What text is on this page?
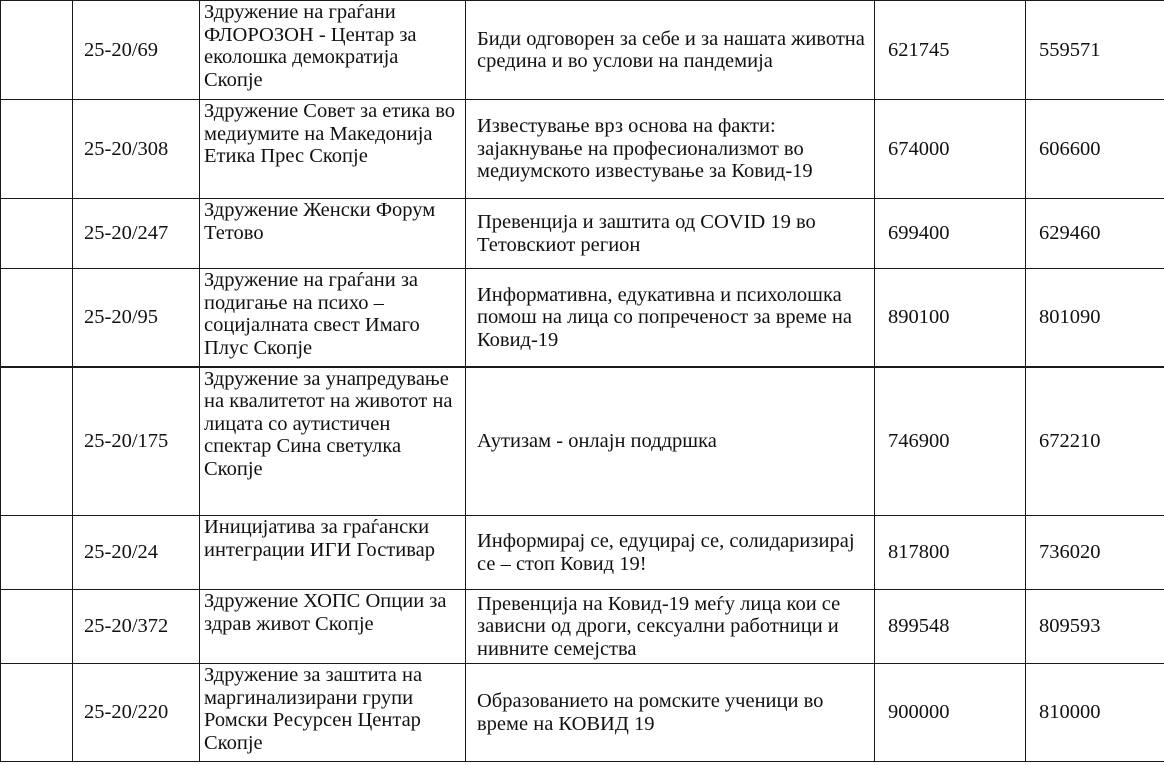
	25-20/69	Здружение на граѓани ФЛОРОЗОН - Центар за еколошка демократија Скопје	Биди одговорен за себе и за нашата животна средина и во услови на пандемија	621745	559571
	25-20/308	Здружение Совет за етика во медиумите на Македонија Етика Прес Скопје	Известување врз основа на факти: зајакнување на професионализмот во медиумското известување за Ковид-19	674000	606600
	25-20/247	Здружение Женски Форум Тетово	Превенција и заштита од COVID 19 во Тетовскиот регион	699400	629460
	25-20/95	Здружение на граѓани за подигање на психо – социјалната свест Имаго Плус Скопје	Информативна, едукативна и психолошка помош на лица со попреченост за време на Ковид-19	890100	801090
	25-20/175	Здружение за унапредување на квалитетот на животот на лицата со аутистичен спектар Сина светулка Скопје	Аутизам - онлајн поддршка	746900	672210
	25-20/24	Иницијатива за граѓански интеграции ИГИ Гостивар	Информирај се, едуцирај се, солидаризирај се – стоп Ковид 19!	817800	736020
	25-20/372	Здружение ХОПС Опции за здрав живот Скопје	Превенција на Ковид-19 меѓу лица кои се зависни од дроги, сексуални работници и нивните семејства	899548	809593
	25-20/220	Здружение за заштита на маргинализирани групи Ромски Ресурсен Центар Скопје	Образованието на ромските ученици во време на КОВИД 19	900000	810000
